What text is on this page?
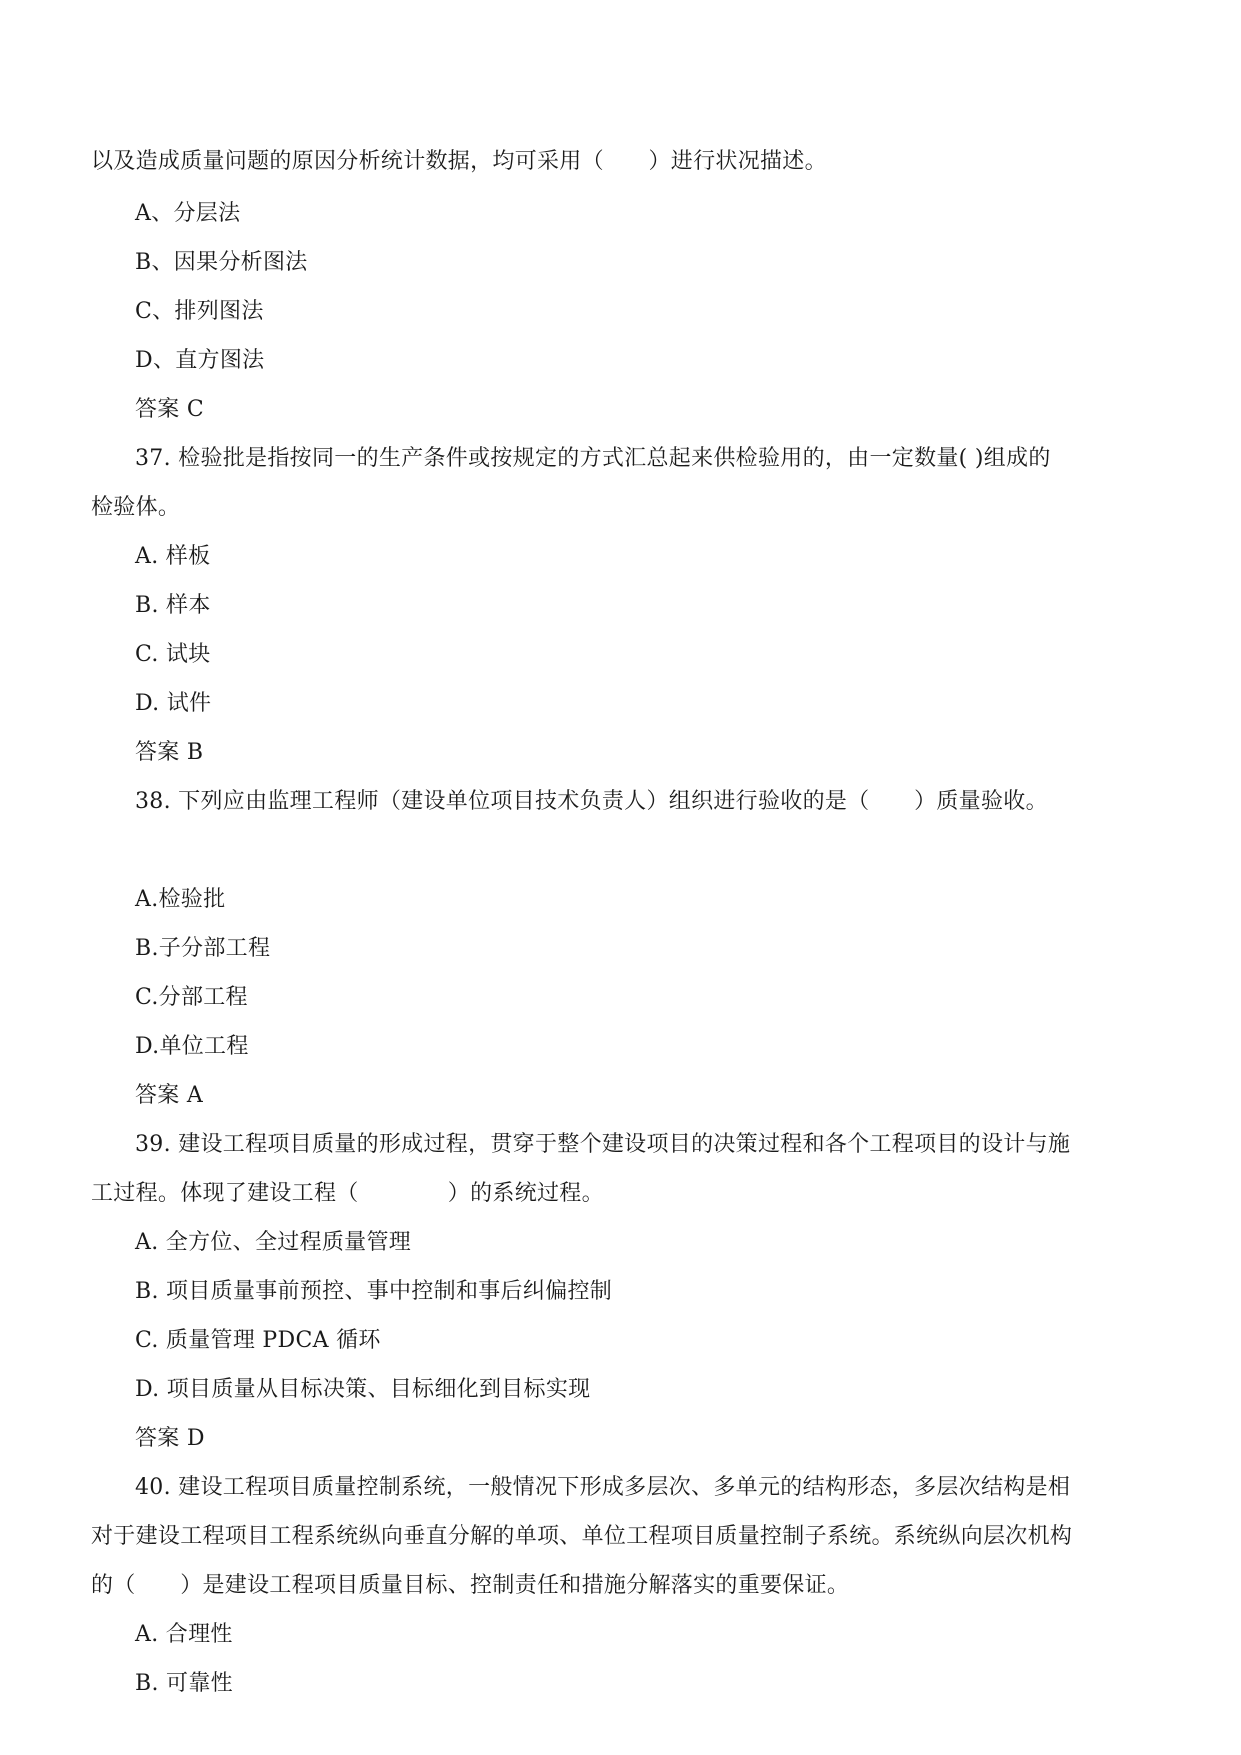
以及造成质量问题的原因分析统计数据，均可采用（　　）进行状况描述。
A、分层法
B、因果分析图法
C、排列图法
D、直方图法
答案 C
37. 检验批是指按同一的生产条件或按规定的方式汇总起来供检验用的，由一定数量( )组成的
检验体。
A. 样板
B. 样本
C. 试块
D. 试件
答案 B
38. 下列应由监理工程师（建设单位项目技术负责人）组织进行验收的是（　　）质量验收。
A.检验批
B.子分部工程
C.分部工程
D.单位工程
答案 A
39. 建设工程项目质量的形成过程，贯穿于整个建设项目的决策过程和各个工程项目的设计与施
工过程。体现了建设工程（　　　　）的系统过程。
A. 全方位、全过程质量管理
B. 项目质量事前预控、事中控制和事后纠偏控制
C. 质量管理 PDCA 循环
D. 项目质量从目标决策、目标细化到目标实现
答案 D
40. 建设工程项目质量控制系统，一般情况下形成多层次、多单元的结构形态，多层次结构是相
对于建设工程项目工程系统纵向垂直分解的单项、单位工程项目质量控制子系统。系统纵向层次机构
的（　　）是建设工程项目质量目标、控制责任和措施分解落实的重要保证。
A. 合理性
B. 可靠性
